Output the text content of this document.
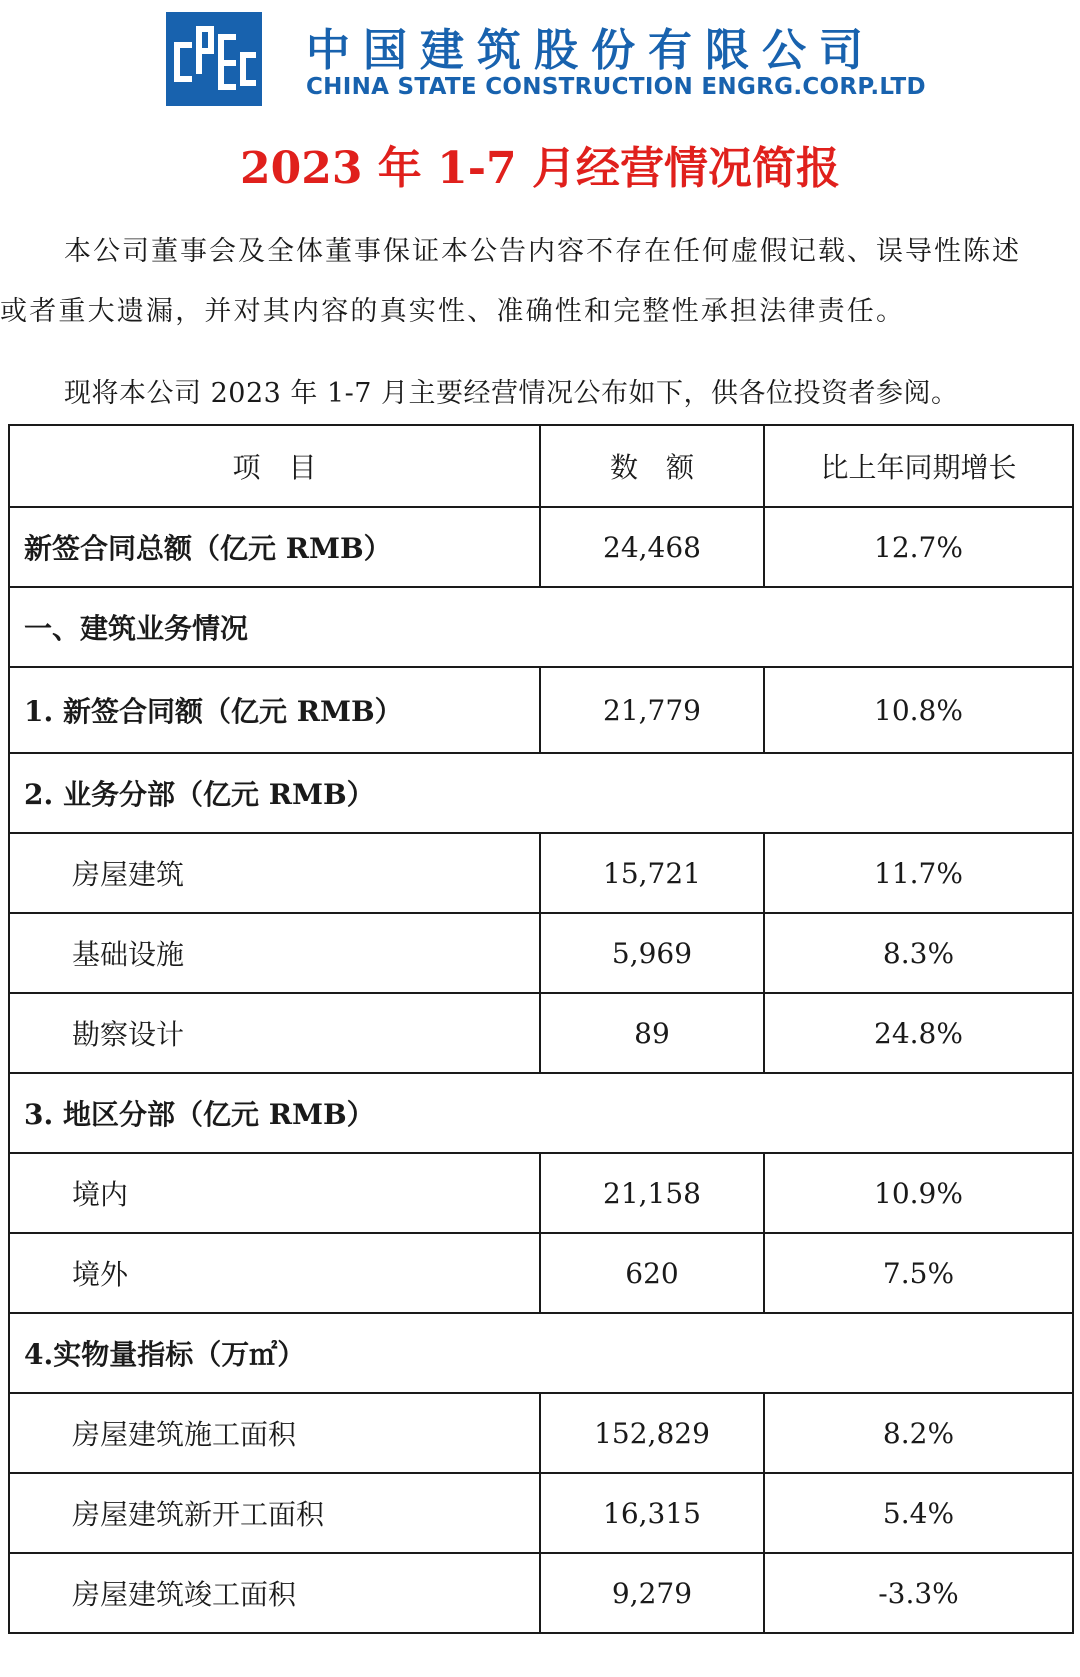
中国建筑股份有限公司
CHINA STATE CONSTRUCTION ENGRG.CORP.LTD
2023 年 1-7 月经营情况简报
本公司董事会及全体董事保证本公告内容不存在任何虚假记载、误导性陈述
或者重大遗漏，并对其内容的真实性、准确性和完整性承担法律责任。
现将本公司 2023 年 1-7 月主要经营情况公布如下，供各位投资者参阅。
项　目	数　额	比上年同期增长
新签合同总额（亿元 RMB）	24,468	12.7%
一、建筑业务情况		
1. 新签合同额（亿元 RMB）	21,779	10.8%
2. 业务分部（亿元 RMB）		
房屋建筑	15,721	11.7%
基础设施	5,969	8.3%
勘察设计	89	24.8%
3. 地区分部（亿元 RMB）		
境内	21,158	10.9%
境外	620	7.5%
4.实物量指标（万㎡）		
房屋建筑施工面积	152,829	8.2%
房屋建筑新开工面积	16,315	5.4%
房屋建筑竣工面积	9,279	-3.3%
